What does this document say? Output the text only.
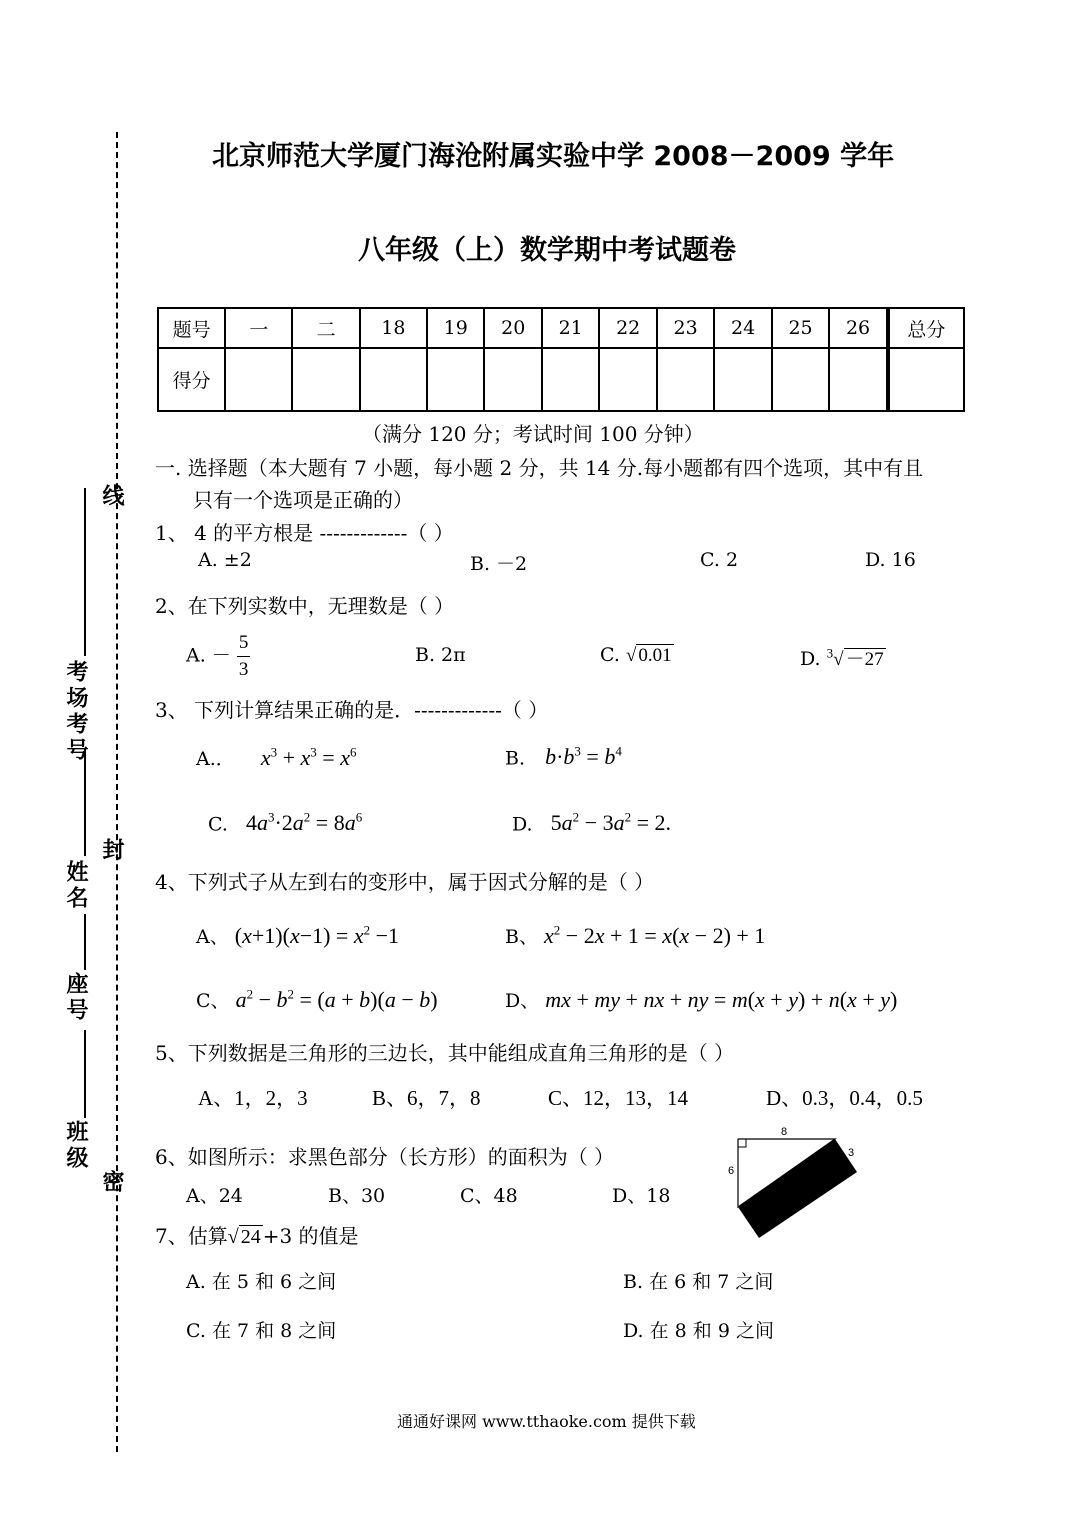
线
封
密
考场考号
姓名
座号
班级
北京师范大学厦门海沧附属实验中学 2008－2009 学年
八年级（上）数学期中考试题卷
题号	一	二	18	19	20	21	22	23	24	25	26	总分
得分												
（满分 120 分；考试时间 100 分钟）
一. 选择题（本大题有 7 小题，每小题 2 分，共 14 分.每小题都有四个选项，其中有且
只有一个选项是正确的）
1、 4 的平方根是 -------------（ ）
A. ±2	B. －2	C. 2	D. 16
2、在下列实数中，无理数是（ ）
A. － $\frac{5}{3}$	B. 2π	C. √ 0.01	D. $^3$√ －27
3、 下列计算结果正确的是．-------------（ ）
A.． $x^3 + x^3 = x^6$	B. $b\cdot b^3 = b^4$
C. $4a^3\cdot 2a^2 = 8a^6$	D. $5a^2 - 3a^2 = 2$.
4、下列式子从左到右的变形中，属于因式分解的是（ ）
A、 $(x+1)(x-1) = x^2 -1$	B、 $x^2 - 2x + 1 = x(x - 2) + 1$
C、 $a^2 - b^2 = (a + b)(a - b)$	D、 mx + my + nx + ny = m(x + y) + n(x + y)
5、下列数据是三角形的三边长，其中能组成直角三角形的是（ ）
A、1，2，3	B、6，7，8	C、12，13，14	D、0.3，0.4，0.5
6、如图所示：求黑色部分（长方形）的面积为（ ）
A、24	B、30	C、48	D、18
8
6
3
7、估算√ 24 +3 的值是
A. 在 5 和 6 之间	B. 在 6 和 7 之间
C. 在 7 和 8 之间	D. 在 8 和 9 之间
通通好课网 www.tthaoke.com 提供下载
